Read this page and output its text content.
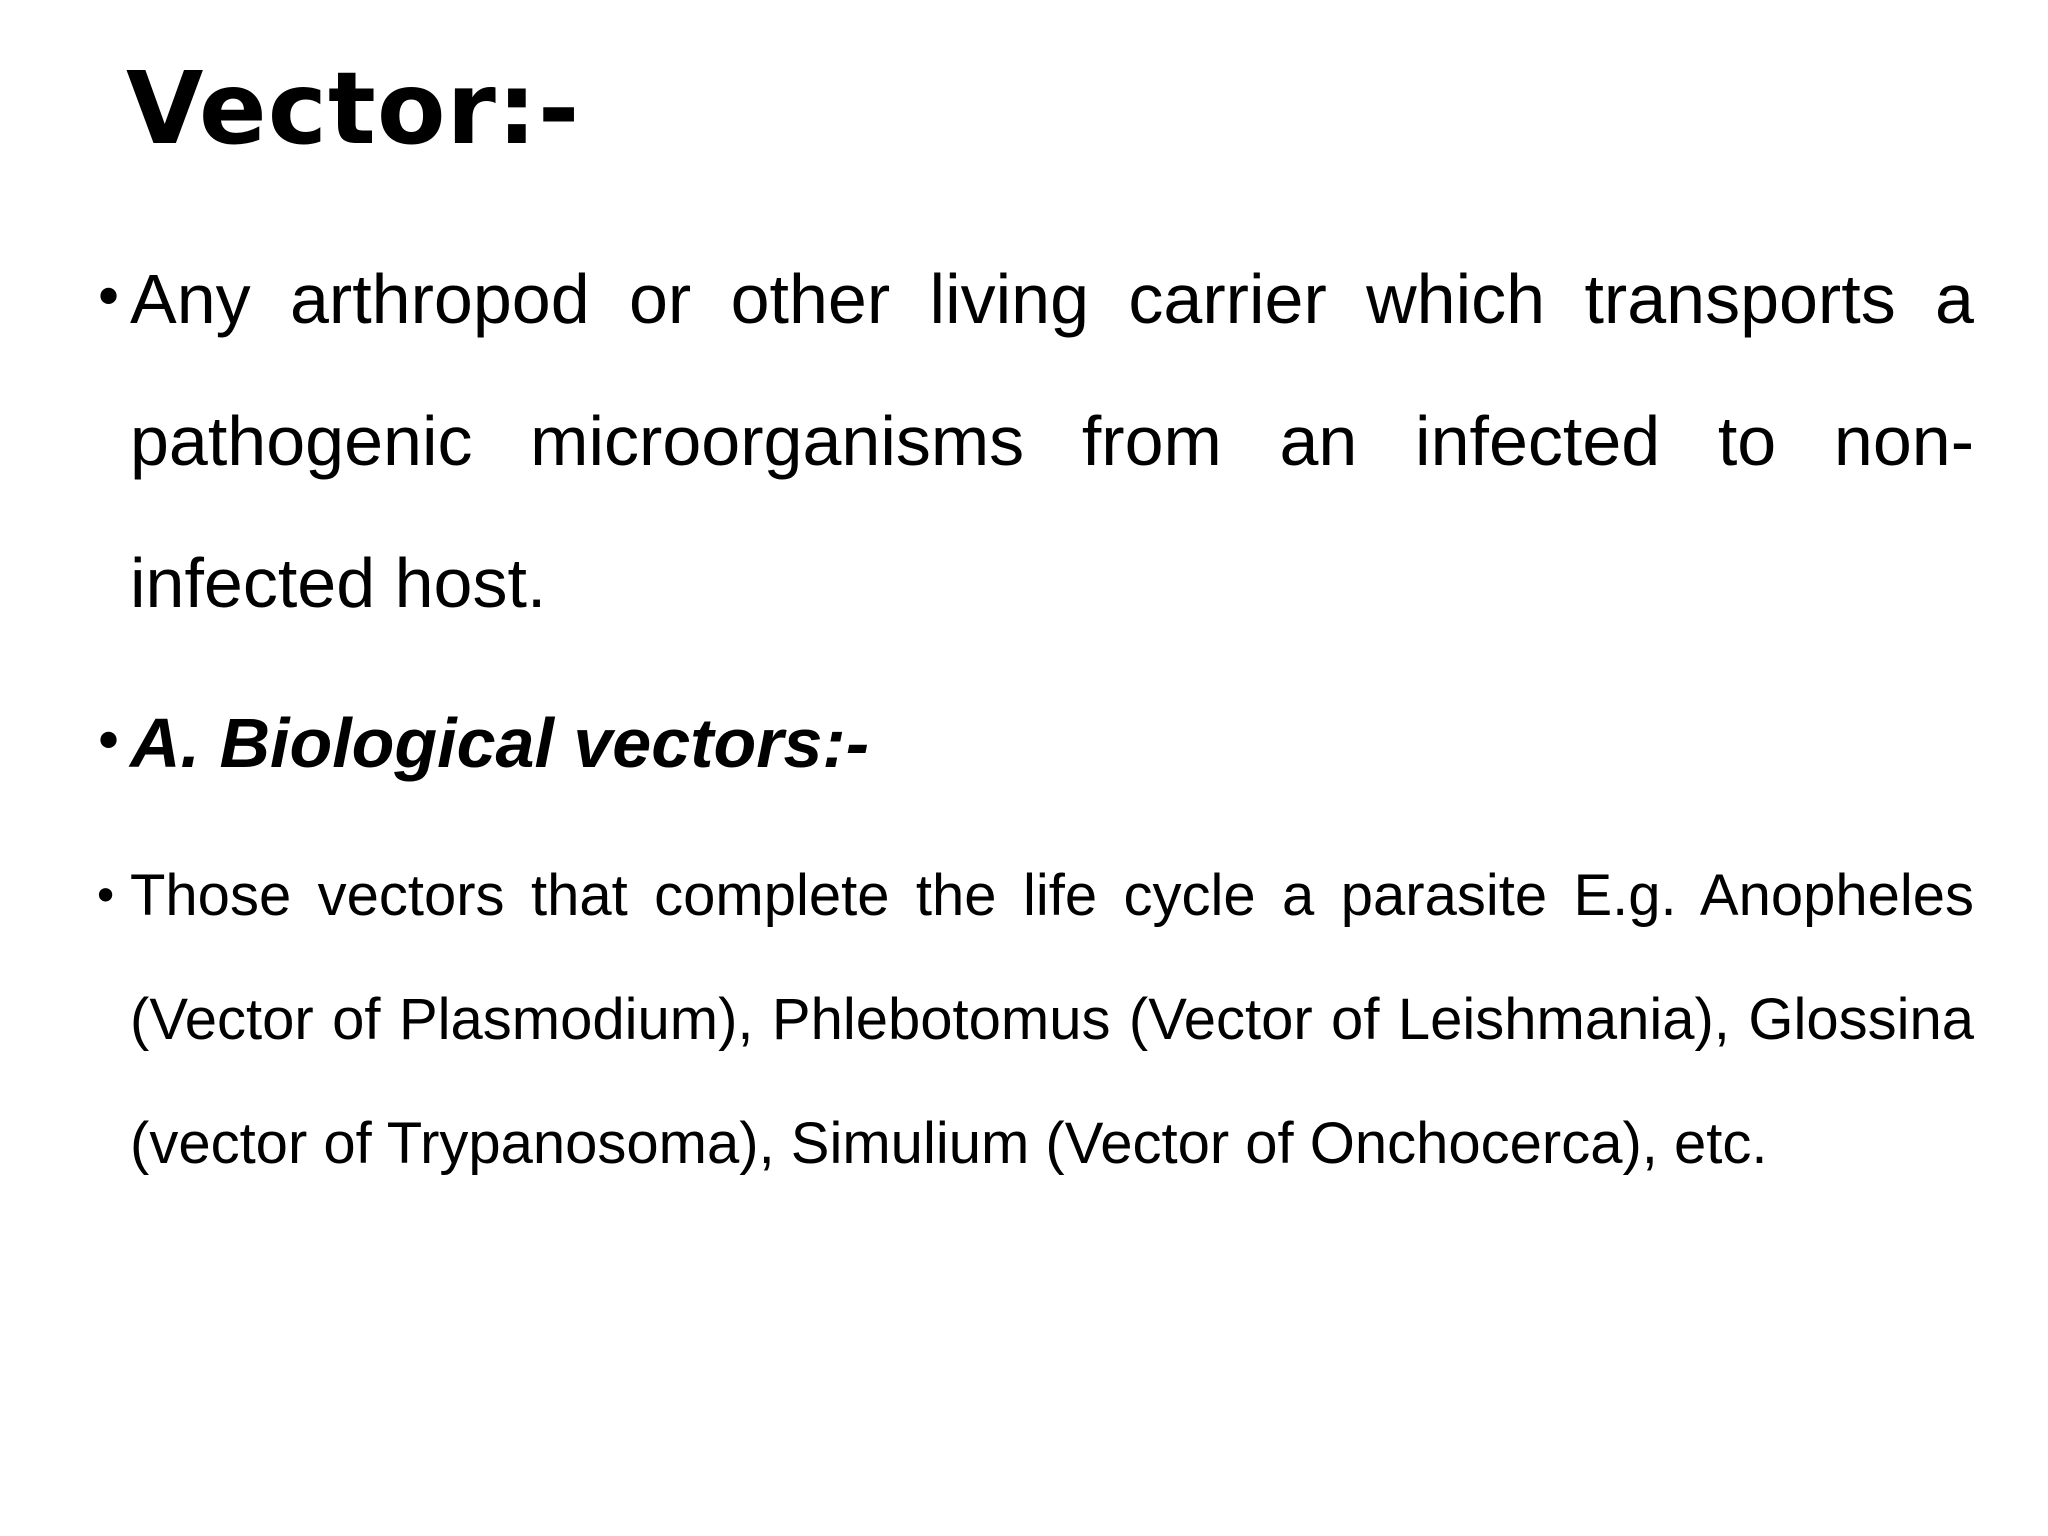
Vector:-
• Any arthropod or other living carrier which transports a pathogenic microorganisms from an infected to non-infected host.

• A. Biological vectors:-

• Those vectors that complete the life cycle a parasite E.g. Anopheles (Vector of Plasmodium), Phlebotomus (Vector of Leishmania), Glossina (vector of Trypanosoma), Simulium (Vector of Onchocerca), etc.
